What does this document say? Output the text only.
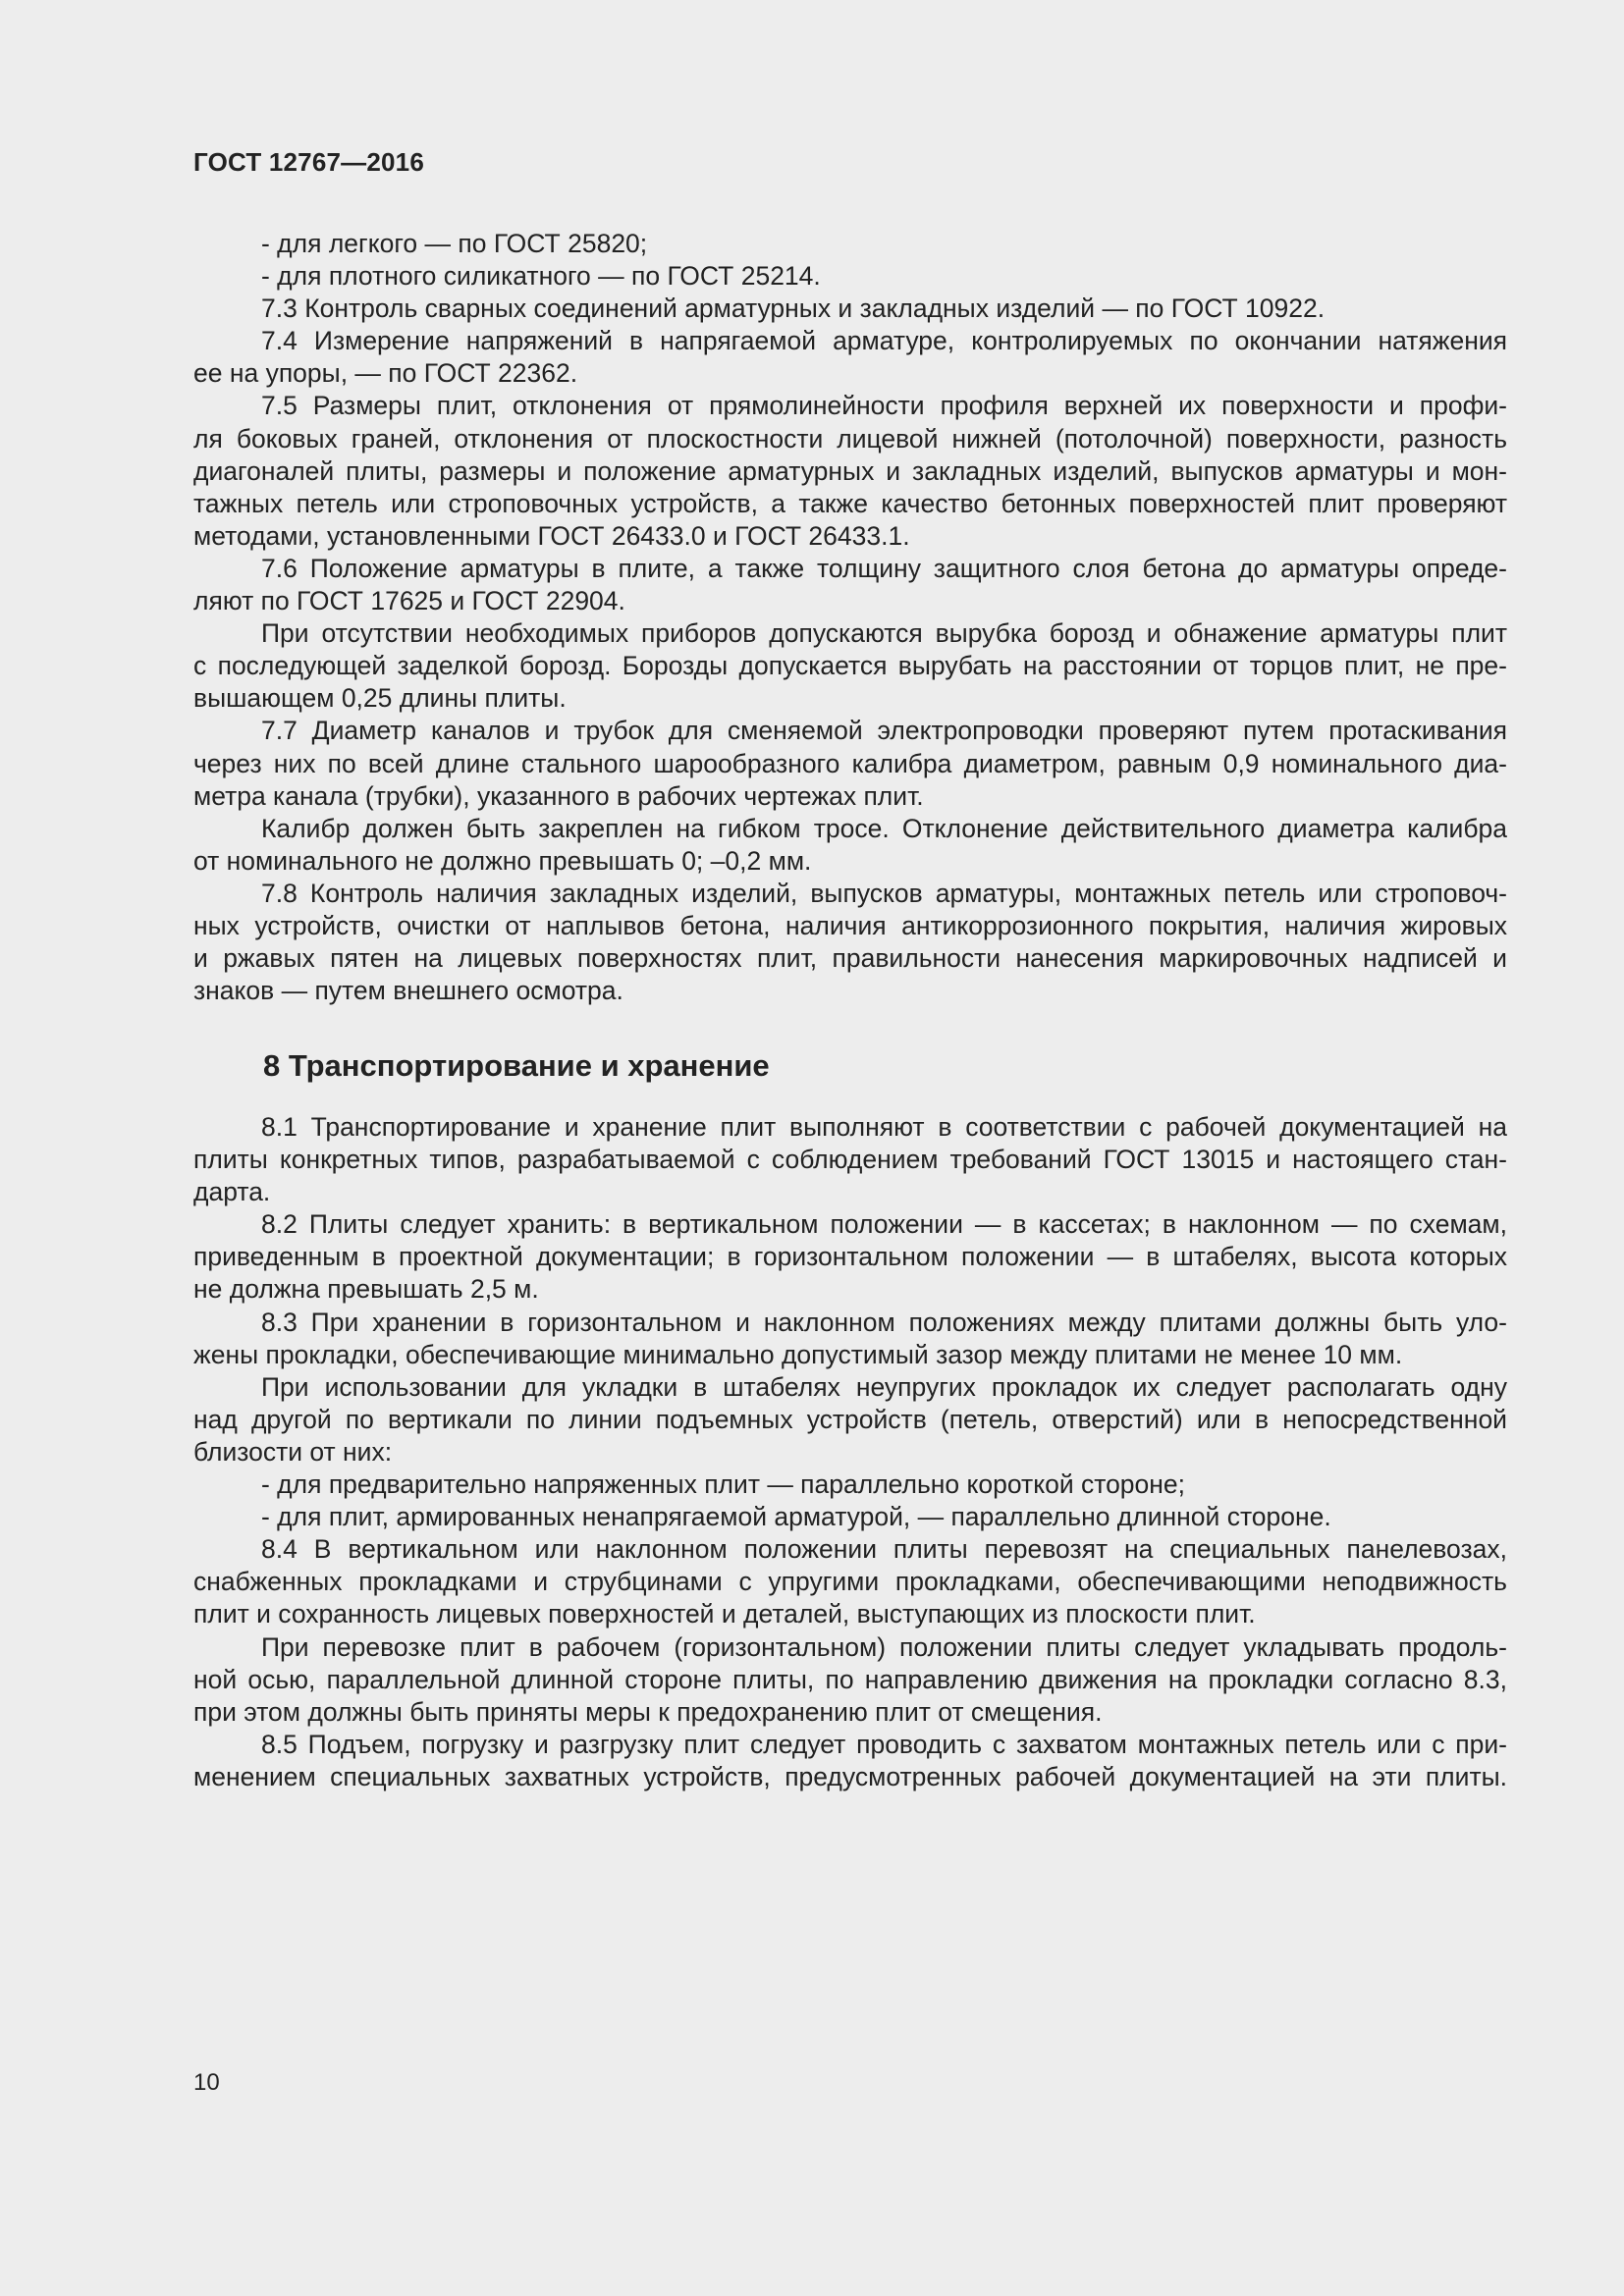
ГОСТ 12767—2016
- для легкого — по ГОСТ 25820;
- для плотного силикатного — по ГОСТ 25214.
7.3 Контроль сварных соединений арматурных и закладных изделий — по ГОСТ 10922.
7.4 Измерение напряжений в напрягаемой арматуре, контролируемых по окончании натяжения
ее на упоры, — по ГОСТ 22362.
7.5 Размеры плит, отклонения от прямолинейности профиля верхней их поверхности и профи-
ля боковых граней, отклонения от плоскостности лицевой нижней (потолочной) поверхности, разность
диагоналей плиты, размеры и положение арматурных и закладных изделий, выпусков арматуры и мон-
тажных петель или строповочных устройств, а также качество бетонных поверхностей плит проверяют
методами, установленными ГОСТ 26433.0 и ГОСТ 26433.1.
7.6 Положение арматуры в плите, а также толщину защитного слоя бетона до арматуры опреде-
ляют по ГОСТ 17625 и ГОСТ 22904.
При отсутствии необходимых приборов допускаются вырубка борозд и обнажение арматуры плит
с последующей заделкой борозд. Борозды допускается вырубать на расстоянии от торцов плит, не пре-
вышающем 0,25 длины плиты.
7.7 Диаметр каналов и трубок для сменяемой электропроводки проверяют путем протаскивания
через них по всей длине стального шарообразного калибра диаметром, равным 0,9 номинального диа-
метра канала (трубки), указанного в рабочих чертежах плит.
Калибр должен быть закреплен на гибком тросе. Отклонение действительного диаметра калибра
от номинального не должно превышать 0; –0,2 мм.
7.8 Контроль наличия закладных изделий, выпусков арматуры, монтажных петель или строповоч-
ных устройств, очистки от наплывов бетона, наличия антикоррозионного покрытия, наличия жировых
и ржавых пятен на лицевых поверхностях плит, правильности нанесения маркировочных надписей и
знаков — путем внешнего осмотра.
8 Транспортирование и хранение
8.1 Транспортирование и хранение плит выполняют в соответствии с рабочей документацией на
плиты конкретных типов, разрабатываемой с соблюдением требований ГОСТ 13015 и настоящего стан-
дарта.
8.2 Плиты следует хранить: в вертикальном положении — в кассетах; в наклонном — по схемам,
приведенным в проектной документации; в горизонтальном положении — в штабелях, высота которых
не должна превышать 2,5 м.
8.3 При хранении в горизонтальном и наклонном положениях между плитами должны быть уло-
жены прокладки, обеспечивающие минимально допустимый зазор между плитами не менее 10 мм.
При использовании для укладки в штабелях неупругих прокладок их следует располагать одну
над другой по вертикали по линии подъемных устройств (петель, отверстий) или в непосредственной
близости от них:
- для предварительно напряженных плит — параллельно короткой стороне;
- для плит, армированных ненапрягаемой арматурой, — параллельно длинной стороне.
8.4 В вертикальном или наклонном положении плиты перевозят на специальных панелевозах,
снабженных прокладками и струбцинами с упругими прокладками, обеспечивающими неподвижность
плит и сохранность лицевых поверхностей и деталей, выступающих из плоскости плит.
При перевозке плит в рабочем (горизонтальном) положении плиты следует укладывать продоль-
ной осью, параллельной длинной стороне плиты, по направлению движения на прокладки согласно 8.3,
при этом должны быть приняты меры к предохранению плит от смещения.
8.5 Подъем, погрузку и разгрузку плит следует проводить с захватом монтажных петель или с при-
менением специальных захватных устройств, предусмотренных рабочей документацией на эти плиты.
10
